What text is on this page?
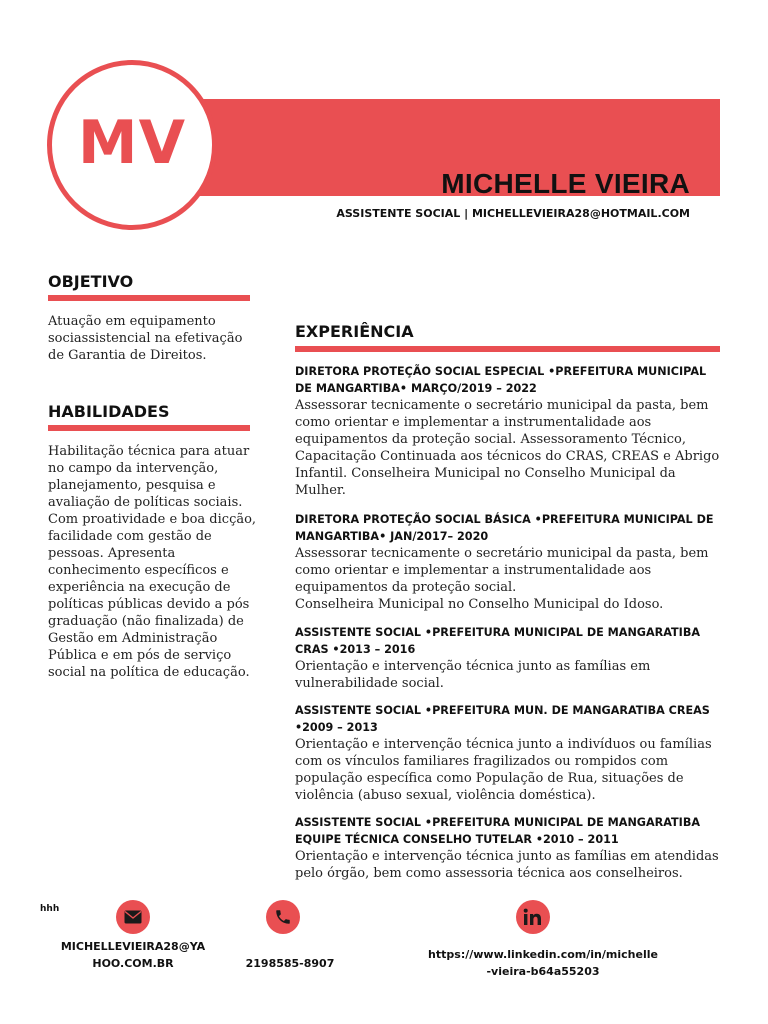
MV
MICHELLE VIEIRA
ASSISTENTE SOCIAL | MICHELLEVIEIRA28@HOTMAIL.COM
OBJETIVO
Atuação em equipamento sociassistencial na efetivação de Garantia de Direitos.
HABILIDADES
Habilitação técnica para atuar no campo da intervenção, planejamento, pesquisa e avaliação de políticas sociais. Com proatividade e boa dicção, facilidade com gestão de pessoas. Apresenta conhecimento específicos e experiência na execução de políticas públicas devido a pós graduação (não finalizada) de Gestão em Administração Pública e em pós de serviço social na política de educação.
EXPERIÊNCIA
DIRETORA PROTEÇÃO SOCIAL ESPECIAL •PREFEITURA MUNICIPAL DE MANGARTIBA• MARÇO/2019 – 2022
Assessorar tecnicamente o secretário municipal da pasta, bem como orientar e implementar a instrumentalidade aos equipamentos da proteção social. Assessoramento Técnico, Capacitação Continuada aos técnicos do CRAS, CREAS e Abrigo Infantil. Conselheira Municipal no Conselho Municipal da Mulher.
DIRETORA PROTEÇÃO SOCIAL BÁSICA •PREFEITURA MUNICIPAL DE MANGARTIBA• JAN/2017– 2020
Assessorar tecnicamente o secretário municipal da pasta, bem como orientar e implementar a instrumentalidade aos equipamentos da proteção social.
Conselheira Municipal no Conselho Municipal do Idoso.
ASSISTENTE SOCIAL •PREFEITURA MUNICIPAL DE MANGARATIBA CRAS •2013 – 2016
Orientação e intervenção técnica junto as famílias em vulnerabilidade social.
ASSISTENTE SOCIAL •PREFEITURA MUN. DE MANGARATIBA CREAS •2009 – 2013
Orientação e intervenção técnica junto a indivíduos ou famílias com os vínculos familiares fragilizados ou rompidos com população específica como População de Rua, situações de violência (abuso sexual, violência doméstica).
ASSISTENTE SOCIAL •PREFEITURA MUNICIPAL DE MANGARATIBA EQUIPE TÉCNICA CONSELHO TUTELAR •2010 – 2011
Orientação e intervenção técnica junto as famílias em atendidas pelo órgão, bem como assessoria técnica aos conselheiros.
hhh
MICHELLEVIEIRA28@YA
HOO.COM.BR	2198585-8907
https://www.linkedin.com/in/michelle
-vieira-b64a55203
